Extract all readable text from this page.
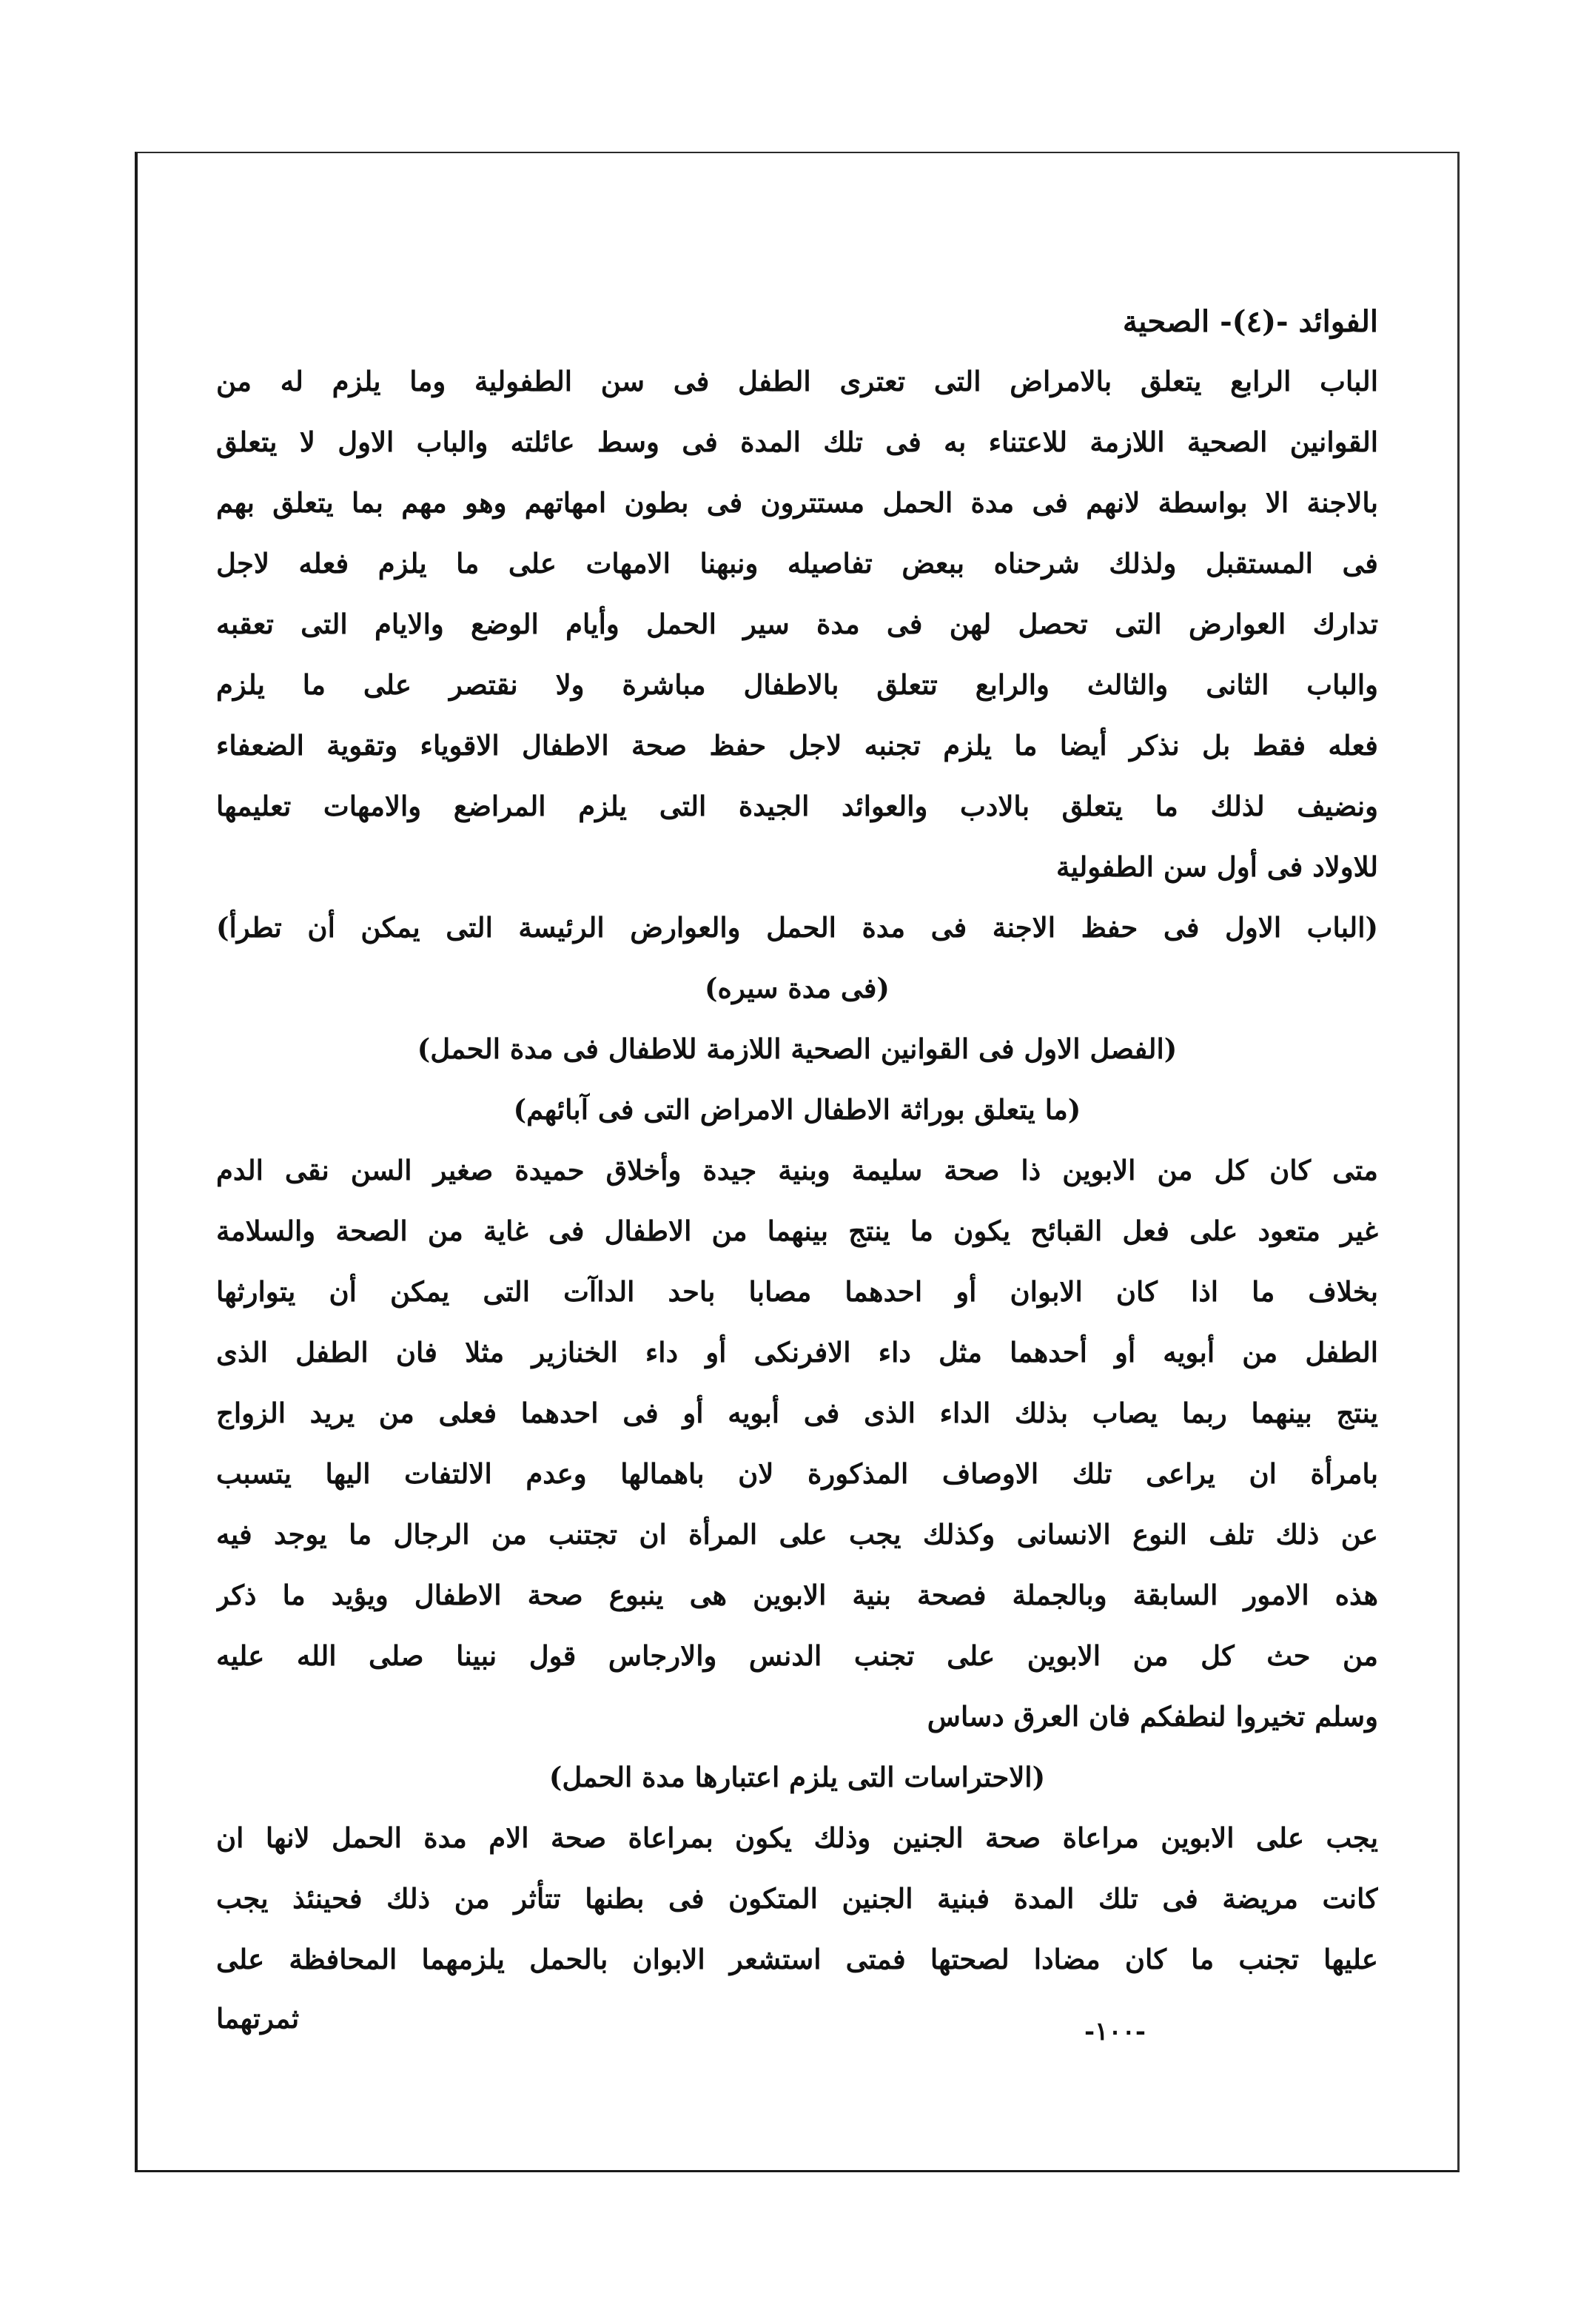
الفوائد -(٤)- الصحية
الباب الرابع يتعلق بالامراض التى تعترى الطفل فى سن الطفولية وما يلزم له من
القوانين الصحية اللازمة للاعتناء به فى تلك المدة فى وسط عائلته والباب الاول لا يتعلق
بالاجنة الا بواسطة لانهم فى مدة الحمل مستترون فى بطون امهاتهم وهو مهم بما يتعلق بهم
فى المستقبل ولذلك شرحناه ببعض تفاصيله ونبهنا الامهات على ما يلزم فعله لاجل
تدارك العوارض التى تحصل لهن فى مدة سير الحمل وأيام الوضع والايام التى تعقبه
والباب الثانى والثالث والرابع تتعلق بالاطفال مباشرة ولا نقتصر على ما يلزم
فعله فقط بل نذكر أيضا ما يلزم تجنبه لاجل حفظ صحة الاطفال الاقوياء وتقوية الضعفاء
ونضيف لذلك ما يتعلق بالادب والعوائد الجيدة التى يلزم المراضع والامهات تعليمها
للاولاد فى أول سن الطفولية
(الباب الاول فى حفظ الاجنة فى مدة الحمل والعوارض الرئيسة التى يمكن أن تطرأ)
(فى مدة سيره)
(الفصل الاول فى القوانين الصحية اللازمة للاطفال فى مدة الحمل)
(ما يتعلق بوراثة الاطفال الامراض التى فى آبائهم)
متى كان كل من الابوين ذا صحة سليمة وبنية جيدة وأخلاق حميدة صغير السن نقى الدم
غير متعود على فعل القبائح يكون ما ينتج بينهما من الاطفال فى غاية من الصحة والسلامة
بخلاف ما اذا كان الابوان أو احدهما مصابا باحد الداآت التى يمكن أن يتوارثها
الطفل من أبويه أو أحدهما مثل داء الافرنكى أو داء الخنازير مثلا فان الطفل الذى
ينتج بينهما ربما يصاب بذلك الداء الذى فى أبويه أو فى احدهما فعلى من يريد الزواج
بامرأة ان يراعى تلك الاوصاف المذكورة لان باهمالها وعدم الالتفات اليها يتسبب
عن ذلك تلف النوع الانسانى وكذلك يجب على المرأة ان تجتنب من الرجال ما يوجد فيه
هذه الامور السابقة وبالجملة فصحة بنية الابوين هى ينبوع صحة الاطفال ويؤيد ما ذكر
من حث كل من الابوين على تجنب الدنس والارجاس قول نبينا صلى الله عليه
وسلم تخيروا لنطفكم فان العرق دساس
(الاحتراسات التى يلزم اعتبارها مدة الحمل)
يجب على الابوين مراعاة صحة الجنين وذلك يكون بمراعاة صحة الام مدة الحمل لانها ان
كانت مريضة فى تلك المدة فبنية الجنين المتكون فى بطنها تتأثر من ذلك فحينئذ يجب
عليها تجنب ما كان مضادا لصحتها فمتى استشعر الابوان بالحمل يلزمهما المحافظة على
ثمرتهما	-١٠٠-
